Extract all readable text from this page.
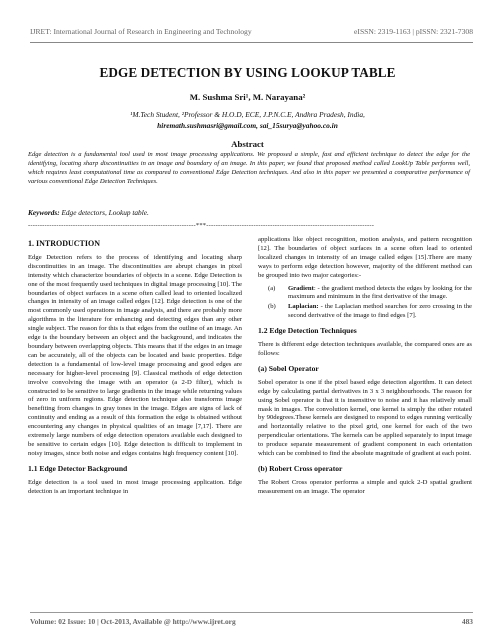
IJRET: International Journal of Research in Engineering and Technology	eISSN: 2319-1163 | pISSN: 2321-7308
EDGE DETECTION BY USING LOOKUP TABLE
M. Sushma Sri¹, M. Narayana²
¹M.Tech Student, ²Professor & H.O.D, ECE, J.P.N.C.E, Andhra Pradesh, India,
hiremath.sushmasri@gmail.com, sai_15surya@yahoo.co.in
Abstract
Edge detection is a fundamental tool used in most image processing applications. We proposed a simple, fast and efficient technique to detect the edge for the identifying, locating sharp discontinuities in an image and boundary of an image. In this paper, we found that proposed method called LookUp Table performs well, which requires least computational time as compared to conventional Edge Detection techniques. And also in this paper we presented a comparative performance of various conventional Edge Detection Techniques.
Keywords: Edge detectors, Lookup table.
-----------------------------------------------------------------------***-----------------------------------------------------------------------
1. INTRODUCTION

Edge Detection refers to the process of identifying and locating sharp discontinuities in an image. The discontinuities are abrupt changes in pixel intensity which characterize boundaries of objects in a scene. Edge Detection is one of the most frequently used techniques in digital image processing [10]. The boundaries of object surfaces in a scene often called lead to oriented localized changes in intensity of an image called edges [12]. Edge detection is one of the most commonly used operations in image analysis, and there are probably more algorithms in the literature for enhancing and detecting edges than any other single subject. The reason for this is that edges from the outline of an image. An edge is the boundary between an object and the background, and indicates the boundary between overlapping objects. This means that if the edges in an image can be accurately, all of the objects can be located and basic properties. Edge detection is a fundamental of low-level image processing and good edges are necessary for higher-level processing [9]. Classical methods of edge detection involve convolving the image with an operator (a 2-D filter), which is constructed to be sensitive to large gradients in the image while returning values of zero in uniform regions. Edge detection technique also transforms image benefiting from changes in gray tones in the image. Edges are signs of lack of continuity and ending as a result of this formation the edge is obtained without encountering any changes in physical qualities of an image [7,17]. There are extremely large numbers of edge detection operators available each designed to be sensitive to certain edges [10]. Edge detection is difficult to implement in noisy images, since both noise and edges contains high frequency content [10].

1.1 Edge Detector Background

Edge detection is a tool used in most image processing application. Edge detection is an important technique in

applications like object recognition, motion analysis, and pattern recognition [12]. The boundaries of object surfaces in a scene often lead to oriented localized changes in intensity of an image called edges [15].There are many ways to perform edge detection however, majority of the different method can be grouped into two major categories:-

(a) Gradient: - the gradient method detects the edges by looking for the maximum and minimum in the first derivative of the image.
(b) Laplacian: - the Laplacian method searches for zero crossing in the second derivative of the image to find edges [7].
1.2 Edge Detection Techniques

There is different edge detection techniques available, the compared ones are as follows:

(a) Sobel Operator

Sobel operator is one if the pixel based edge detection algorithm. It can detect edge by calculating partial derivatives in 3 x 3 neighbourhoods. The reason for using Sobel operator is that it is insensitive to noise and it has relatively small mask in images. The convolution kernel, one kernel is simply the other rotated by 90degrees.These kernels are designed to respond to edges running vertically and horizontally relative to the pixel grid, one kernel for each of the two perpendicular orientations. The kernels can be applied separately to input image to produce separate measurement of gradient component in each orientation which can be combined to find the absolute magnitude of gradient at each point.

(b) Robert Cross operator

The Robert Cross operator performs a simple and quick 2-D spatial gradient measurement on an image. The operator

Volume: 02 Issue: 10 | Oct-2013, Available @ http://www.ijret.org	483
